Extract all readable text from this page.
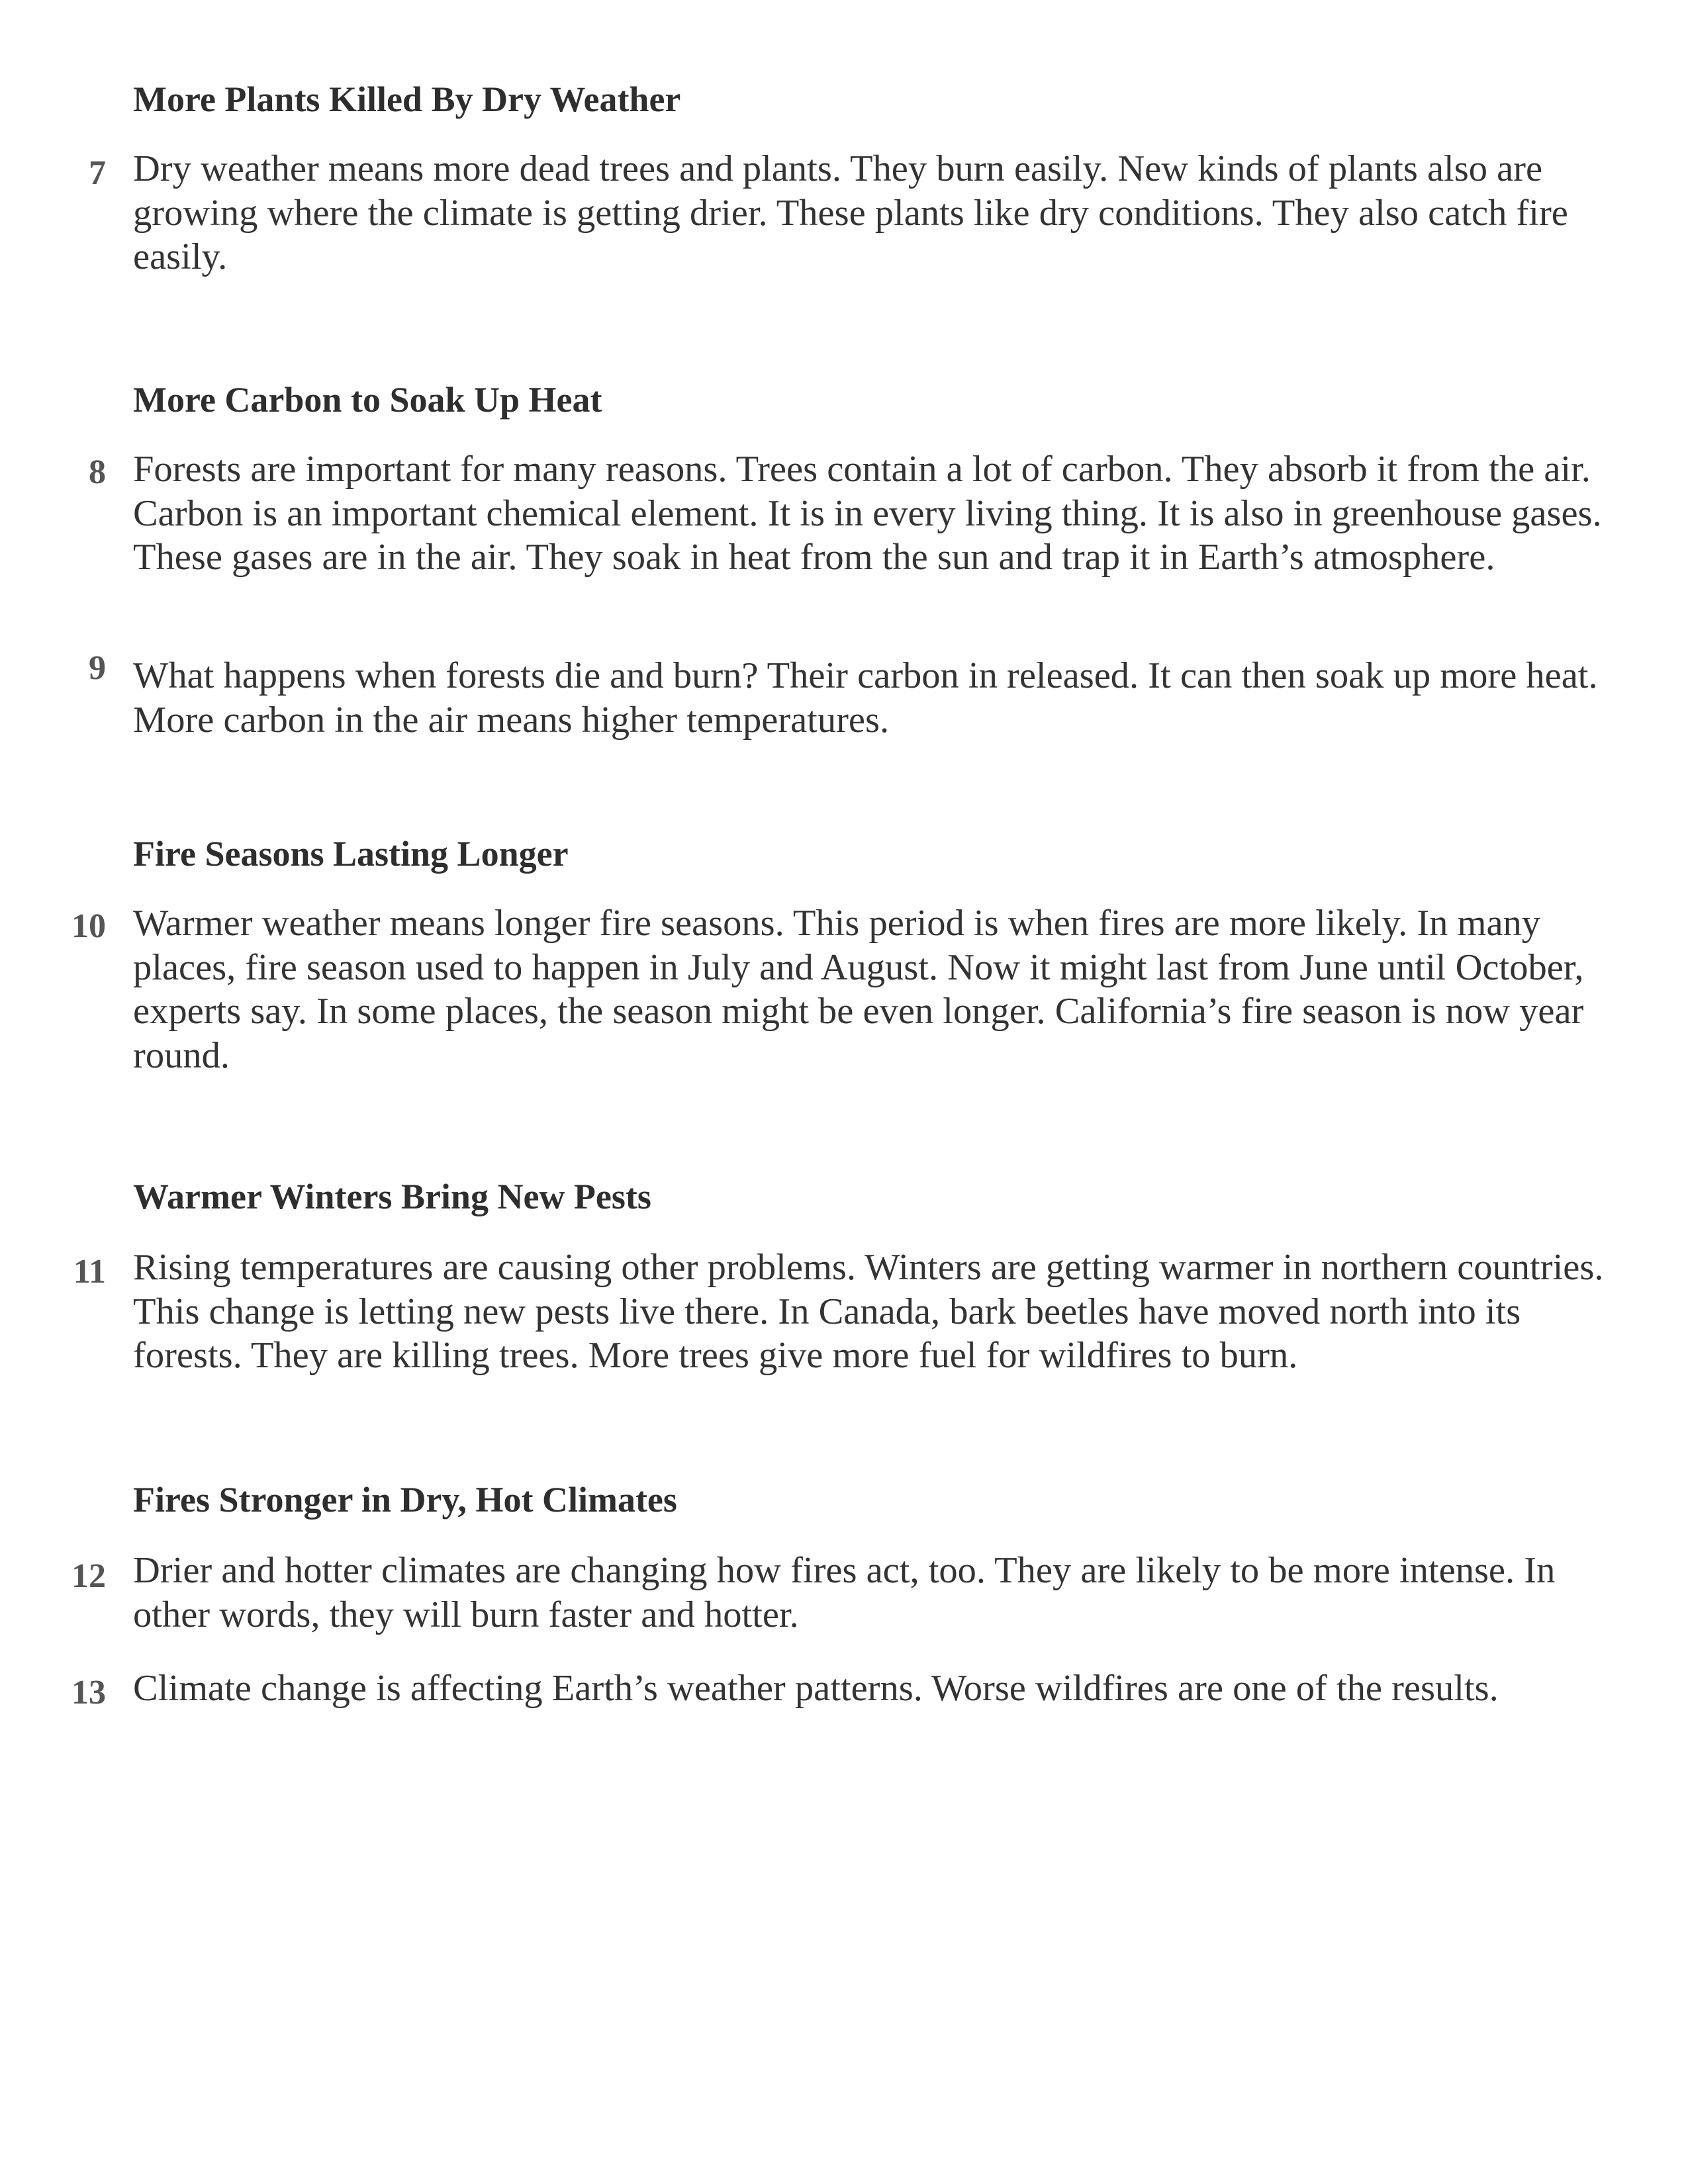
More Plants Killed By Dry Weather
7 Dry weather means more dead trees and plants. They burn easily. New kinds of plants also are growing where the climate is getting drier. These plants like dry conditions. They also catch fire easily.
More Carbon to Soak Up Heat
8 Forests are important for many reasons. Trees contain a lot of carbon. They absorb it from the air. Carbon is an important chemical element. It is in every living thing. It is also in greenhouse gases. These gases are in the air. They soak in heat from the sun and trap it in Earth’s atmosphere.
9 What happens when forests die and burn? Their carbon in released. It can then soak up more heat. More carbon in the air means higher temperatures.
Fire Seasons Lasting Longer
10 Warmer weather means longer fire seasons. This period is when fires are more likely. In many places, fire season used to happen in July and August. Now it might last from June until October, experts say. In some places, the season might be even longer. California’s fire season is now year round.
Warmer Winters Bring New Pests
11 Rising temperatures are causing other problems. Winters are getting warmer in northern countries. This change is letting new pests live there. In Canada, bark beetles have moved north into its forests. They are killing trees. More trees give more fuel for wildfires to burn.
Fires Stronger in Dry, Hot Climates
12 Drier and hotter climates are changing how fires act, too. They are likely to be more intense. In other words, they will burn faster and hotter.
13 Climate change is affecting Earth’s weather patterns. Worse wildfires are one of the results.
